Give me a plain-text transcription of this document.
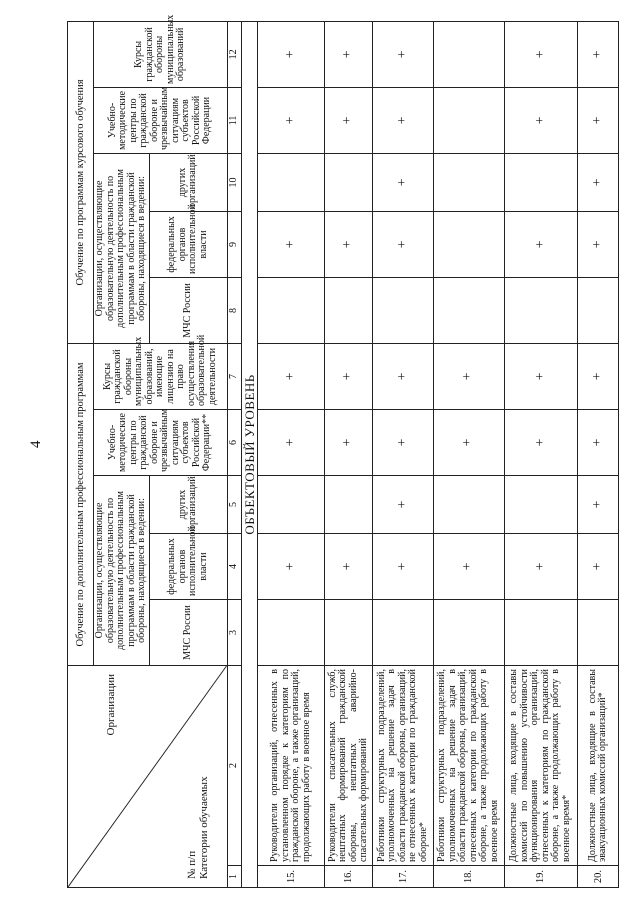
4
Организации
№ п/п
Категории обучаемых		Обучение по дополнительным профессиональным программам					Обучение по программам курсового обучения				
		Организации, осуществляющие образовательную деятельность по дополнительным профессиональным программам в области гражданской обороны, находящиеся в ведении:			Учебно-методические центры по гражданской обороне и чрезвычайным ситуациям субъектов Российской Федерации**	Курсы гражданской обороны муниципальных образований, имеющие лицензию на право осуществления образовательной деятельности	Организации, осуществляющие образовательную деятельность по дополнительным профессиональным программам в области гражданской обороны, находящиеся в ведении:			Учебно-методические центры по гражданской обороне и чрезвычайным ситуациям субъектов Российской Федерации	Курсы гражданской обороны муниципальных образований
		МЧС России	федеральных органов исполнительной власти	других организаций			МЧС России	федеральных органов исполнительной власти	других организаций		

1	2	3	4	5	6	7	8	9	10	11	12
ОБЪЕКТОВЫЙ УРОВЕНЬ											
15.	Руководители организаций, отнесенных в установленном порядке к категориям по гражданской обороне, а также организаций, продолжающих работу в военное время		+		+	+		+		+	+
16.	Руководители спасательных служб, нештатных формирований гражданской обороны, нештатных аварийно-спасательных формирований		+		+	+		+		+	+
17.	Работники структурных подразделений, уполномоченных на решение задач в области гражданской обороны, организаций, не отнесенных к категории по гражданской обороне*		+	+	+	+		+	+	+	+
18.	Работники структурных подразделений, уполномоченных на решение задач в области гражданской обороны, организаций, отнесенных к категории по гражданской обороне, а также продолжающих работу в военное время		+		+	+					
19.	Должностные лица, входящие в составы комиссий по повышению устойчивости функционирования организаций, отнесенных к категориям по гражданской обороне, а также продолжающих работу в военное время*		+		+	+		+		+	+
20.	Должностные лица, входящие в составы эвакуационных комиссий организаций*		+	+	+	+		+	+	+	+
